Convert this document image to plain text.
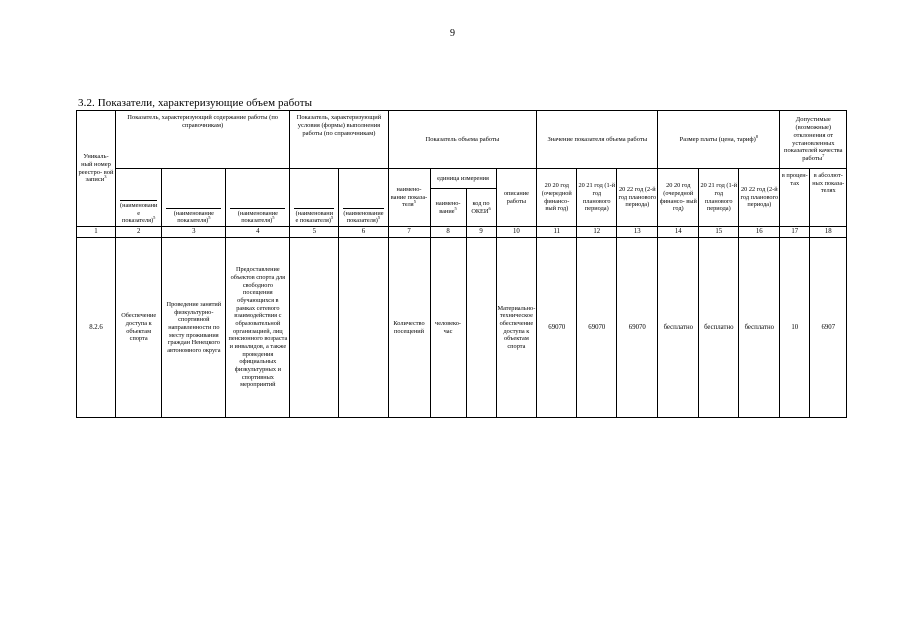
9
3.2. Показатели, характеризующие объем работы
Уникаль- ный номер реестро- вой записи$^3$	Показатель, характеризующий содержание работы (по справочникам)			Показатель, характеризующий условия (формы) выполнения работы (по справочникам)		Показатель объема работы				Значение показателя объема работы			Размер платы (цена, тариф)$^8$			Допустимые (возможные) отклонения от установленных показателей качества работы$^7$

	(наименовани е показателя)$^5$	(наименование показателя)$^5$	(наименование показателя)$^5$	(наименовани е показателя)$^5$	(наименование показателя)$^5$	наимено- вание показа- теля$^5$	единица измерения		описание работы	20 20 год (очередной финансо- вый год)	20 21 год (1-й год планового периода)	20 22 год (2-й год планового периода)	20 20 год (очередной финансо- вый год)	20 21 год (1-й год планового периода)	20 22 год (2-й год планового периода)	в процен- тах	в абсолют- ных показа- телях
							наимено- вание$^5$	код по ОКЕИ$^6$
1	2	3	4	5	6	7	8	9	10	11	12	13	14	15	16	17	18
8.2.6	Обеспечение доступа к объектам спорта	Проведение занятий физкультурно- спортивной направленности по месту проживания граждан Ненецкого автономного округа	Предоставление объектов спорта для свободного посещения обучающихся в рамках сетевого взаимодействия с образовательной организацией, лиц пенсионного возраста и инвалидов, а также проведения официальных физкультурных и спортивных мероприятий			Количество посещений	человеко-час		Материально- техническое обеспечение доступа к объектам спорта	69070	69070	69070	бесплатно	бесплатно	бесплатно	10	6907
